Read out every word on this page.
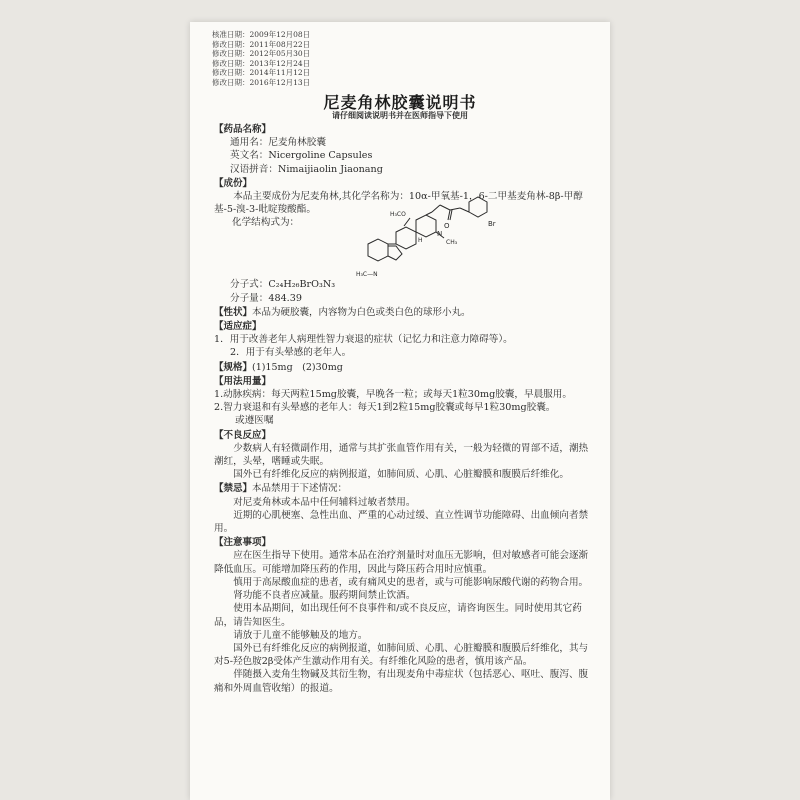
核准日期：2009年12月08日
修改日期：2011年08月22日
修改日期：2012年05月30日
修改日期：2013年12月24日
修改日期：2014年11月12日
修改日期：2016年12月13日
尼麦角林胶囊说明书
请仔细阅读说明书并在医师指导下使用
【药品名称】
通用名：尼麦角林胶囊
英文名：Nicergoline Capsules
汉语拼音：Nimaijiaolin Jiaonang
【成份】
本品主要成份为尼麦角林,其化学名称为：10α-甲氧基-1，6-二甲基麦角林-8β-甲醇基-5-溴-3-吡啶羧酸酯。
化学结构式为：	Br
O
H₃CO
N
CH₃
H
H₃C—N
分子式：C₂₄H₂₆BrO₃N₃
分子量：484.39
【性状】本品为硬胶囊，内容物为白色或类白色的球形小丸。
【适应症】
1．用于改善老年人病理性智力衰退的症状（记忆力和注意力障碍等）。
2．用于有头晕感的老年人。
【规格】(1)15mg　(2)30mg
【用法用量】
1.动脉疾病：每天两粒15mg胶囊，早晚各一粒；或每天1粒30mg胶囊，早晨服用。
2.智力衰退和有头晕感的老年人：每天1到2粒15mg胶囊或每早1粒30mg胶囊。
或遵医嘱
【不良反应】
少数病人有轻微副作用，通常与其扩张血管作用有关，一般为轻微的胃部不适，潮热潮红，头晕，嗜睡或失眠。
国外已有纤维化反应的病例报道，如肺间质、心肌、心脏瓣膜和腹膜后纤维化。
【禁忌】本品禁用于下述情况：
对尼麦角林或本品中任何辅料过敏者禁用。
近期的心肌梗塞、急性出血、严重的心动过缓、直立性调节功能障碍、出血倾向者禁用。
【注意事项】
应在医生指导下使用。通常本品在治疗剂量时对血压无影响，但对敏感者可能会逐渐降低血压。可能增加降压药的作用，因此与降压药合用时应慎重。
慎用于高尿酸血症的患者，或有痛风史的患者，或与可能影响尿酸代谢的药物合用。
肾功能不良者应减量。服药期间禁止饮酒。
使用本品期间，如出现任何不良事件和/或不良反应，请咨询医生。同时使用其它药品，请告知医生。
请放于儿童不能够触及的地方。
国外已有纤维化反应的病例报道，如肺间质、心肌、心脏瓣膜和腹膜后纤维化，其与对5-羟色胺2β受体产生激动作用有关。有纤维化风险的患者，慎用该产品。
伴随摄入麦角生物碱及其衍生物，有出现麦角中毒症状（包括恶心、呕吐、腹泻、腹痛和外周血管收缩）的报道。
